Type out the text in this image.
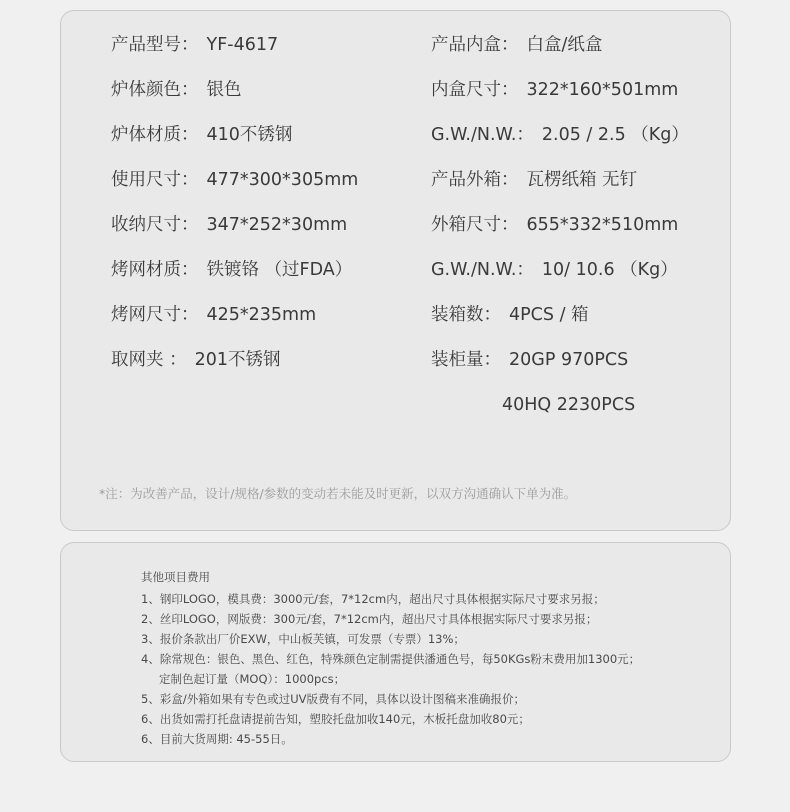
产品型号： YF-4617
炉体颜色： 银色
炉体材质： 410不锈钢
使用尺寸： 477*300*305mm
收纳尺寸： 347*252*30mm
烤网材质： 铁镀铬 （过FDA）
烤网尺寸： 425*235mm
取网夹 ： 201不锈钢
产品内盒： 白盒/纸盒
内盒尺寸： 322*160*501mm
G.W./N.W.： 2.05 / 2.5 （Kg）
产品外箱： 瓦楞纸箱 无钉
外箱尺寸： 655*332*510mm
G.W./N.W.： 10/ 10.6 （Kg）
装箱数： 4PCS / 箱
装柜量： 20GP 970PCS
40HQ 2230PCS
*注：为改善产品，设计/规格/参数的变动若未能及时更新，以双方沟通确认下单为准。
其他项目费用
1、钢印LOGO，模具费：3000元/套，7*12cm内，超出尺寸具体根据实际尺寸要求另报；
2、丝印LOGO，网版费：300元/套，7*12cm内，超出尺寸具体根据实际尺寸要求另报；
3、报价条款出厂价EXW，中山板芙镇，可发票（专票）13%；
4、除常规色：银色、黑色、红色，特殊颜色定制需提供潘通色号，每50KGs粉末费用加1300元；
定制色起订量（MOQ）：1000pcs；
5、彩盒/外箱如果有专色或过UV版费有不同，具体以设计图稿来准确报价；
6、出货如需打托盘请提前告知，塑胶托盘加收140元，木板托盘加收80元；
6、目前大货周期: 45-55日。
